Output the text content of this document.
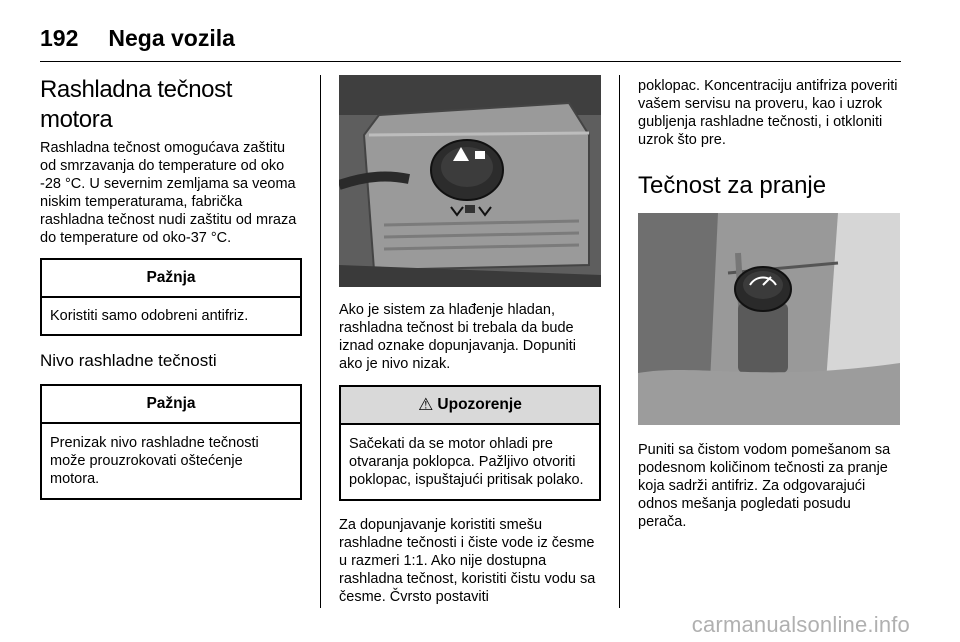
192 Nega vozila
Rashladna tečnost motora

Rashladna tečnost omogućava zaštitu od smrzavanja do temperature od oko -28 °C. U severnim zemljama sa veoma niskim temperaturama, fabrička rashladna tečnost nudi zaštitu od mraza do temperature od oko-37 °C.

Pažnja
Koristiti samo odobreni antifriz.
Nivo rashladne tečnosti
Pažnja
Prenizak nivo rashladne tečnosti može prouzrokovati oštećenje motora.

Ako je sistem za hlađenje hladan, rashladna tečnost bi trebala da bude iznad oznake dopunjavanja. Dopuniti ako je nivo nizak.

⚠ Upozorenje
Sačekati da se motor ohladi pre otvaranja poklopca. Pažljivo otvoriti poklopac, ispuštajući pritisak polako.

Za dopunjavanje koristiti smešu rashladne tečnosti i čiste vode iz česme u razmeri 1:1. Ako nije dostupna rashladna tečnost, koristiti čistu vodu sa česme. Čvrsto postaviti

poklopac. Koncentraciju antifriza poveriti vašem servisu na proveru, kao i uzrok gubljenja rashladne tečnosti, i otkloniti uzrok što pre.

Tečnost za pranje

Puniti sa čistom vodom pomešanom sa podesnom količinom tečnosti za pranje koja sadrži antifriz. Za odgovarajući odnos mešanja pogledati posudu perača.

carmanualsonline.info
